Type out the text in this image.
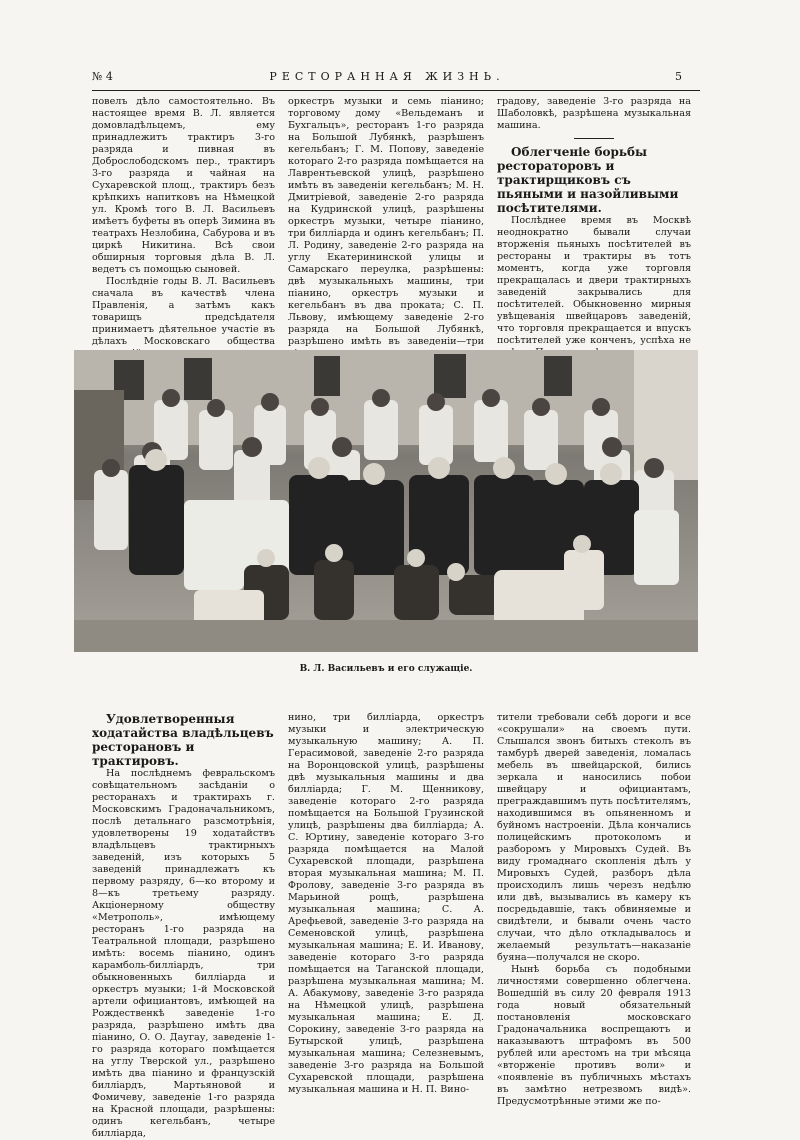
№ 4	РЕСТОРАННАЯ ЖИЗНЬ.	5

повелъ дѣло самостоятельно. Въ настоящее время В. Л. является домовладѣльцемъ, ему принадлежитъ трактиръ 3-го разряда и пивная въ Доброслободскомъ пер., трактиръ 3-го разряда и чайная на Сухаревской площ., трактиръ безъ крѣпкихъ напитковъ на Нѣмецкой ул. Кромѣ того В. Л. Васильевъ имѣетъ буфеты въ оперѣ Зимина въ театрахъ Незлобина, Сабурова и въ циркѣ Никитина. Всѣ свои обширныя торговыя дѣла В. Л. ведетъ съ помощью сыновей.

Послѣдніе годы В. Л. Васильевъ сначала въ качествѣ члена Правленія, а затѣмъ какъ товарищъ предсѣдателя принимаетъ дѣятельное участіе въ дѣлахъ Московскаго общества

оркестръ музыки и семь піанино; торговому дому «Вельдеманъ и Бухгальцъ», ресторанъ 1-го разряда на Большой Лубянкѣ, разрѣшенъ кегельбанъ; Г. М. Попову, заведеніе котораго 2-го разряда помѣщается на Лаврентьевской улицѣ, разрѣшено имѣть въ заведеніи кегельбанъ; М. Н. Дмитріевой, заведеніе 2-го разряда на Кудринской улицѣ, разрѣшены оркестръ музыки, четыре піанино, три билліарда и одинъ кегельбанъ; П. Л. Родину, заведеніе 2-го разряда на углу Екатерининской улицы и Самарскаго переулка, разрѣшены: двѣ музыкальныхъ машины, три піанино, оркестръ музыки и кегельбанъ въ два проката; С. П. Львову, имѣющему заведеніе 2-го разряда на Большой Лубянкѣ, разрѣшено имѣть въ заведеніи—три

градову, заведеніе 3-го разряда на Шаболовкѣ, разрѣшена музыкальная машина.

Облегченіе борьбы рестораторовъ и трактирщиковъ съ пьяными и назойливыми посѣтителями.

Послѣднее время въ Москвѣ неоднократно бывали случаи вторженія пьяныхъ посѣтителей въ рестораны и трактиры въ тотъ моментъ, когда уже торговля прекращалась и двери трактирныхъ заведеній закрывались для посѣтителей. Обыкновенно мирныя увѣщеванія швейцаровъ заведеній, что торговля прекращается и впускъ посѣтителей уже конченъ, успѣха не

В. Л. Васильевъ и его служащіе.

Удовлетворенныя ходатайства владѣльцевъ ресторановъ и трактировъ.

На послѣднемъ февральскомъ совѣщательномъ засѣданіи о ресторанахъ и трактирахъ г. Московскимъ Градоначальникомъ, послѣ детальнаго разсмотрѣнія, удовлетворены 19 ходатайствъ владѣльцевъ трактирныхъ заведеній, изъ которыхъ 5 заведеній принадлежатъ къ первому разряду, 6—ко второму и 8—къ третьему разряду. Акціонерному обществу «Метрополь», имѣющему ресторанъ 1-го разряда на Театральной площади, разрѣшено имѣть: восемь піанино, одинъ карамболь-билліардъ, три обыкновенныхъ билліарда и оркестръ музыки; 1-й Московской артели официантовъ, имѣющей на Рождественкѣ заведеніе 1-го разряда, разрѣшено имѣть два піанино, О. О. Даугау, заведеніе 1-го разряда котораго помѣщается на углу Тверской ул., разрѣшено имѣть два піанино и французскій билліардъ, Мартьяновой и Фомичеву, заведеніе 1-го разряда на Красной площади, разрѣшены: одинъ кегельбанъ, четыре билліарда,

нино, три билліарда, оркестръ музыки и электрическую музыкальную машину; А. П. Герасимовой, заведеніе 2-го разряда на Воронцовской улицѣ, разрѣшены двѣ музыкальныя машины и два билліарда; Г. М. Щенникову, заведеніе котораго 2-го разряда помѣщается на Большой Грузинской улицѣ, разрѣшены два билліарда; А. С. Юртину, заведеніе котораго 3-го разряда помѣщается на Малой Сухаревской площади, разрѣшена вторая музыкальная машина; М. П. Фролову, заведеніе 3-го разряда въ Марьиной рощѣ, разрѣшена музыкальная машина; С. А. Арефьевой, заведеніе 3-го разряда на Семеновской улицѣ, разрѣшена музыкальная машина; Е. И. Иванову, заведеніе котораго 3-го разряда помѣщается на Таганской площади, разрѣшена музыкальная машина; М. А. Абакумову, заведеніе 3-го разряда на Нѣмецкой улицѣ, разрѣшена музыкальная машина; Е. Д. Сорокину, заведеніе 3-го разряда на Бутырской улицѣ, разрѣшена музыкальная машина; Селезневымъ, заведеніе 3-го разряда на Большой Сухаревской площади, разрѣшена музыкальная машина и Н. П. Вино-

тители требовали себѣ дороги и все «сокрушали» на своемъ пути. Слышался звонъ битыхъ стеколъ въ тамбурѣ дверей заведенія, ломалась мебель въ швейцарской, бились зеркала и наносились побои швейцару и официантамъ, преграждавшимъ путь посѣтителямъ, находившимся въ опьяненномъ и буйномъ настроеніи. Дѣла кончались полицейскимъ протоколомъ и разборомъ у Мировыхъ Судей. Въ виду громаднаго скопленія дѣлъ у Мировыхъ Судей, разборъ дѣла происходилъ лишь черезъ недѣлю или двѣ, вызывались въ камеру къ посредьдавшіе, такъ обвиняемые и свидѣтели, и бывали очень часто случаи, что дѣло откладывалось и желаемый результатъ—наказаніе буяна—получался не скоро.

Нынѣ борьба съ подобными личностями совершенно облегчена. Вошедшій въ силу 20 февраля 1913 года новый обязательный постановленія московскаго Градоначальника воспрещаютъ и наказываютъ штрафомъ въ 500 рублей или арестомъ на три мѣсяца «вторженіе противъ воли» и «появленіе въ публичныхъ мѣстахъ въ замѣтно нетрезвомъ видѣ». Предусмотрѣнные этими же по-
